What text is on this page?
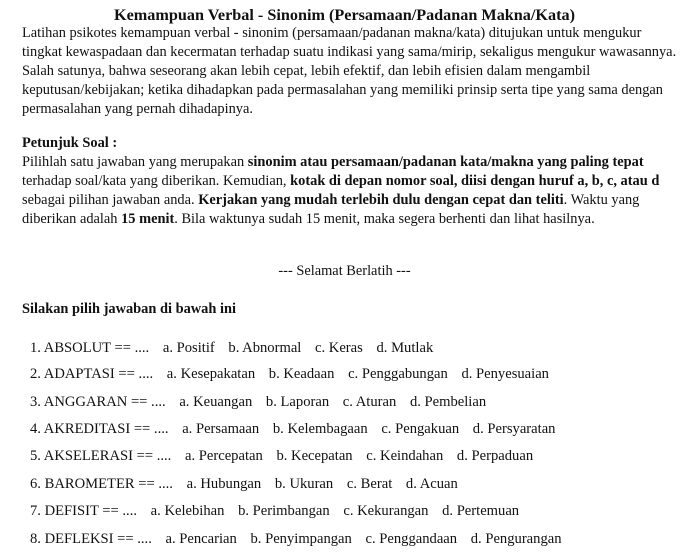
Kemampuan Verbal - Sinonim (Persamaan/Padanan Makna/Kata)
Latihan psikotes kemampuan verbal - sinonim (persamaan/padanan makna/kata) ditujukan untuk mengukur tingkat kewaspadaan dan kecermatan terhadap suatu indikasi yang sama/mirip, sekaligus mengukur wawasannya. Salah satunya, bahwa seseorang akan lebih cepat, lebih efektif, dan lebih efisien dalam mengambil keputusan/kebijakan; ketika dihadapkan pada permasalahan yang memiliki prinsip serta tipe yang sama dengan permasalahan yang pernah dihadapinya.
Petunjuk Soal :
Pilihlah satu jawaban yang merupakan sinonim atau persamaan/padanan kata/makna yang paling tepat terhadap soal/kata yang diberikan. Kemudian, kotak di depan nomor soal, diisi dengan huruf a, b, c, atau d sebagai pilihan jawaban anda. Kerjakan yang mudah terlebih dulu dengan cepat dan teliti. Waktu yang diberikan adalah 15 menit. Bila waktunya sudah 15 menit, maka segera berhenti dan lihat hasilnya.
--- Selamat Berlatih ---
Silakan pilih jawaban di bawah ini
1. ABSOLUT == .... a. Positif b. Abnormal c. Keras d. Mutlak
2. ADAPTASI == .... a. Kesepakatan b. Keadaan c. Penggabungan d. Penyesuaian
3. ANGGARAN == .... a. Keuangan b. Laporan c. Aturan d. Pembelian
4. AKREDITASI == .... a. Persamaan b. Kelembagaan c. Pengakuan d. Persyaratan
5. AKSELERASI == .... a. Percepatan b. Kecepatan c. Keindahan d. Perpaduan
6. BAROMETER == .... a. Hubungan b. Ukuran c. Berat d. Acuan
7. DEFISIT == .... a. Kelebihan b. Perimbangan c. Kekurangan d. Pertemuan
8. DEFLEKSI == .... a. Pencarian b. Penyimpangan c. Penggandaan d. Pengurangan
